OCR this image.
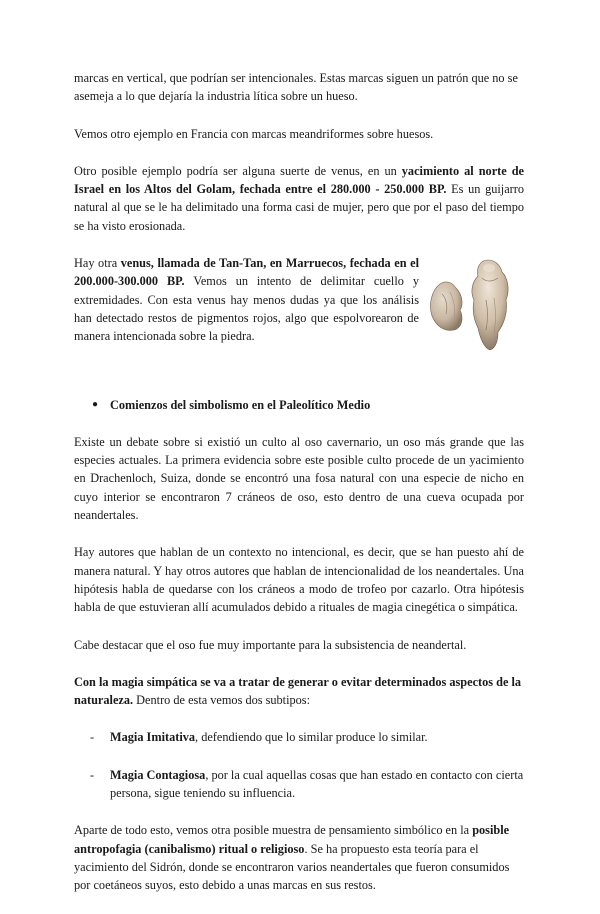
marcas en vertical, que podrían ser intencionales. Estas marcas siguen un patrón que no se asemeja a lo que dejaría la industria lítica sobre un hueso.

Vemos otro ejemplo en Francia con marcas meandriformes sobre huesos.

Otro posible ejemplo podría ser alguna suerte de venus, en un yacimiento al norte de Israel en los Altos del Golam, fechada entre el 280.000 - 250.000 BP. Es un guijarro natural al que se le ha delimitado una forma casi de mujer, pero que por el paso del tiempo se ha visto erosionada.

Hay otra venus, llamada de Tan-Tan, en Marruecos, fechada en el 200.000-300.000 BP. Vemos un intento de delimitar cuello y extremidades. Con esta venus hay menos dudas ya que los análisis han detectado restos de pigmentos rojos, algo que espolvorearon de manera intencionada sobre la piedra.

● Comienzos del simbolismo en el Paleolítico Medio

Existe un debate sobre si existió un culto al oso cavernario, un oso más grande que las especies actuales. La primera evidencia sobre este posible culto procede de un yacimiento en Drachenloch, Suiza, donde se encontró una fosa natural con una especie de nicho en cuyo interior se encontraron 7 cráneos de oso, esto dentro de una cueva ocupada por neandertales.

Hay autores que hablan de un contexto no intencional, es decir, que se han puesto ahí de manera natural. Y hay otros autores que hablan de intencionalidad de los neandertales. Una hipótesis habla de quedarse con los cráneos a modo de trofeo por cazarlo. Otra hipótesis habla de que estuvieran allí acumulados debido a rituales de magia cinegética o simpática.

Cabe destacar que el oso fue muy importante para la subsistencia de neandertal.

Con la magia simpática se va a tratar de generar o evitar determinados aspectos de la naturaleza. Dentro de esta vemos dos subtipos:

-	Magia Imitativa, defendiendo que lo similar produce lo similar.
-	Magia Contagiosa, por la cual aquellas cosas que han estado en contacto con cierta persona, sigue teniendo su influencia.

Aparte de todo esto, vemos otra posible muestra de pensamiento simbólico en la posible antropofagia (canibalismo) ritual o religioso. Se ha propuesto esta teoría para el yacimiento del Sidrón, donde se encontraron varios neandertales que fueron consumidos por coetáneos suyos, esto debido a unas marcas en sus restos.
